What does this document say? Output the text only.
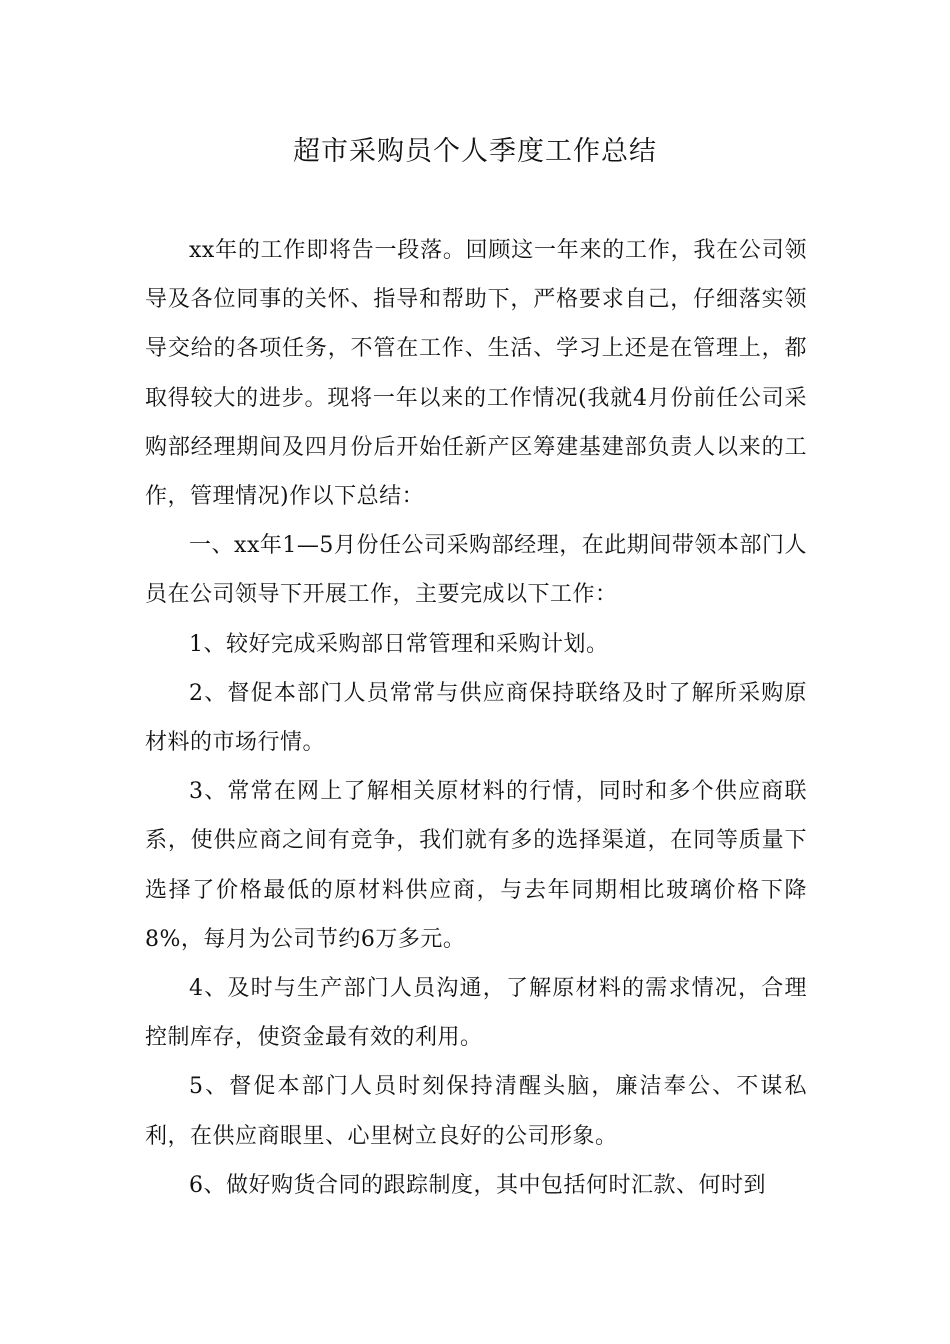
超市采购员个人季度工作总结

xx年的工作即将告一段落。回顾这一年来的工作，我在公司领导及各位同事的关怀、指导和帮助下，严格要求自己，仔细落实领导交给的各项任务，不管在工作、生活、学习上还是在管理上，都取得较大的进步。现将一年以来的工作情况(我就4月份前任公司采购部经理期间及四月份后开始任新产区筹建基建部负责人以来的工作，管理情况)作以下总结：

一、xx年1—5月份任公司采购部经理，在此期间带领本部门人员在公司领导下开展工作，主要完成以下工作：

1、较好完成采购部日常管理和采购计划。

2、督促本部门人员常常与供应商保持联络及时了解所采购原材料的市场行情。

3、常常在网上了解相关原材料的行情，同时和多个供应商联系，使供应商之间有竞争，我们就有多的选择渠道，在同等质量下选择了价格最低的原材料供应商，与去年同期相比玻璃价格下降8%，每月为公司节约6万多元。

4、及时与生产部门人员沟通，了解原材料的需求情况，合理控制库存，使资金最有效的利用。

5、督促本部门人员时刻保持清醒头脑，廉洁奉公、不谋私利，在供应商眼里、心里树立良好的公司形象。

6、做好购货合同的跟踪制度，其中包括何时汇款、何时到
